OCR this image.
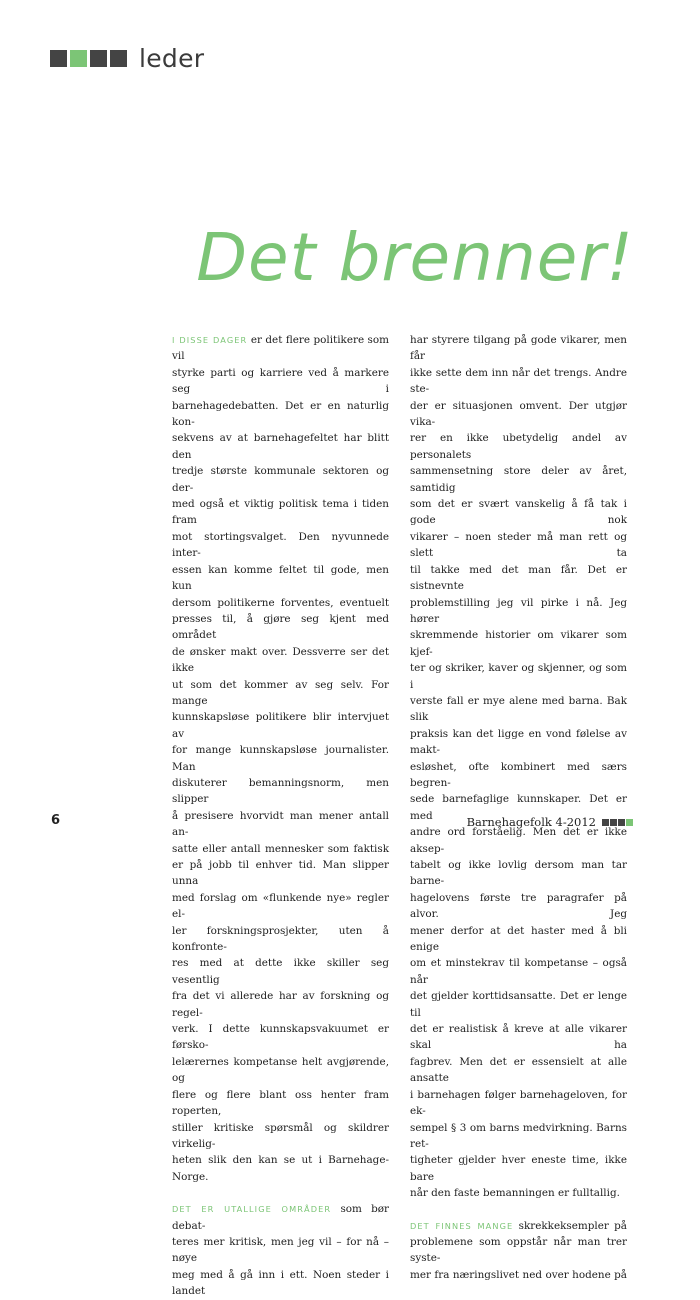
leder
Det brenner!

I DISSE DAGER er det flere politikere som vil

styrke parti og karriere ved å markere seg i

barnehagedebatten. Det er en naturlig kon-

sekvens av at barnehagefeltet har blitt den

tredje største kommunale sektoren og der-

med også et viktig politisk tema i tiden fram

mot stortingsvalget. Den nyvunnede inter-

essen kan komme feltet til gode, men kun

dersom politikerne forventes, eventuelt

presses til, å gjøre seg kjent med området

de ønsker makt over. Dessverre ser det ikke

ut som det kommer av seg selv. For mange

kunnskapsløse politikere blir intervjuet av

for mange kunnskapsløse journalister. Man

diskuterer bemanningsnorm, men slipper

å presisere hvorvidt man mener antall an-

satte eller antall mennesker som faktisk

er på jobb til enhver tid. Man slipper unna

med forslag om «flunkende nye» regler el-

ler forskningsprosjekter, uten å konfronte-

res med at dette ikke skiller seg vesentlig

fra det vi allerede har av forskning og regel-

verk. I dette kunnskapsvakuumet er førsko-

lelærernes kompetanse helt avgjørende, og

flere og flere blant oss henter fram roperten,

stiller kritiske spørsmål og skildrer virkelig-

heten slik den kan se ut i Barnehage-Norge.

DET ER UTALLIGE OMRÅDER som bør debat-

teres mer kritisk, men jeg vil – for nå – nøye

meg med å gå inn i ett. Noen steder i landet

har styrere tilgang på gode vikarer, men får

ikke sette dem inn når det trengs. Andre ste-

der er situasjonen omvent. Der utgjør vika-

rer en ikke ubetydelig andel av personalets

sammensetning store deler av året, samtidig

som det er svært vanskelig å få tak i gode nok

vikarer – noen steder må man rett og slett ta

til takke med det man får. Det er sistnevnte

problemstilling jeg vil pirke i nå. Jeg hører

skremmende historier om vikarer som kjef-

ter og skriker, kaver og skjenner, og som i

verste fall er mye alene med barna. Bak slik

praksis kan det ligge en vond følelse av makt-

esløshet, ofte kombinert med særs begren-

sede barnefaglige kunnskaper. Det er med

andre ord forståelig. Men det er ikke aksep-

tabelt og ikke lovlig dersom man tar barne-

hagelovens første tre paragrafer på alvor. Jeg

mener derfor at det haster med å bli enige

om et minstekrav til kompetanse – også når

det gjelder korttidsansatte. Det er lenge til

det er realistisk å kreve at alle vikarer skal ha

fagbrev. Men det er essensielt at alle ansatte

i barnehagen følger barnehageloven, for ek-

sempel § 3 om barns medvirkning. Barns ret-

tigheter gjelder hver eneste time, ikke bare

når den faste bemanningen er fulltallig.

DET FINNES MANGE skrekkeksempler på

problemene som oppstår når man trer syste-

mer fra næringslivet ned over hodene på

6	Barnehagefolk 4-2012
